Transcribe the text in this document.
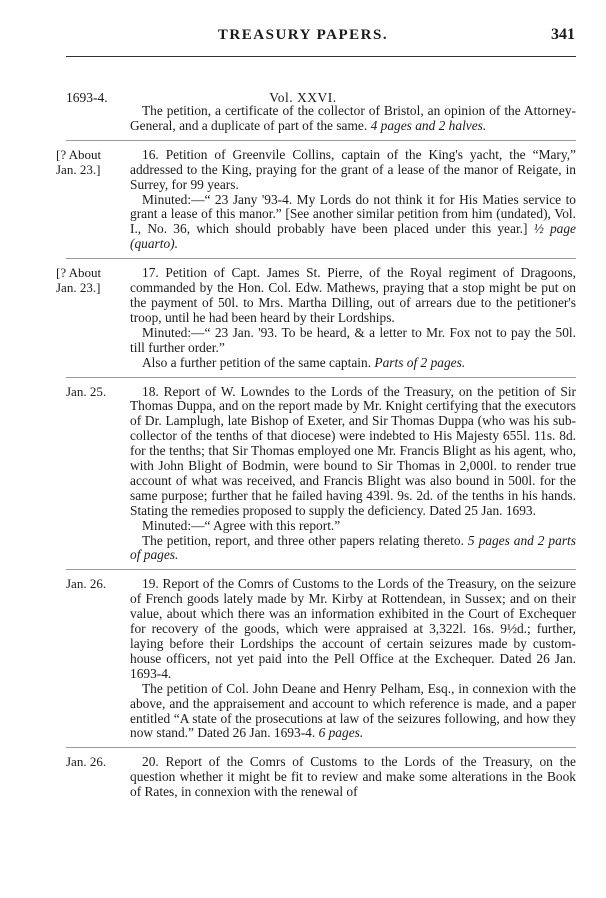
TREASURY PAPERS.	341
1693-4.	Vol. XXVI.

The petition, a certificate of the collector of Bristol, an opinion of the Attorney-General, and a duplicate of part of the same. 4 pages and 2 halves.

[? About
Jan. 23.]

16. Petition of Greenvile Collins, captain of the King's yacht, the “Mary,” addressed to the King, praying for the grant of a lease of the manor of Reigate, in Surrey, for 99 years.

Minuted:—“ 23 Jany '93-4. My Lords do not think it for His Maties service to grant a lease of this manor.” [See another similar petition from him (undated), Vol. I., No. 36, which should probably have been placed under this year.] ½ page (quarto).

[? About
Jan. 23.]

17. Petition of Capt. James St. Pierre, of the Royal regiment of Dragoons, commanded by the Hon. Col. Edw. Mathews, praying that a stop might be put on the payment of 50l. to Mrs. Martha Dilling, out of arrears due to the petitioner's troop, until he had been heard by their Lordships.

Minuted:—“ 23 Jan. '93. To be heard, & a letter to Mr. Fox not to pay the 50l. till further order.”

Also a further petition of the same captain. Parts of 2 pages.

Jan. 25.	18. Report of W. Lowndes to the Lords of the Treasury, on the petition of Sir Thomas Duppa, and on the report made by Mr. Knight certifying that the executors of Dr. Lamplugh, late Bishop of Exeter, and Sir Thomas Duppa (who was his sub-collector of the tenths of that diocese) were indebted to His Majesty 655l. 11s. 8d. for the tenths; that Sir Thomas employed one Mr. Francis Blight as his agent, who, with John Blight of Bodmin, were bound to Sir Thomas in 2,000l. to render true account of what was received, and Francis Blight was also bound in 500l. for the same purpose; further that he failed having 439l. 9s. 2d. of the tenths in his hands. Stating the remedies proposed to supply the deficiency. Dated 25 Jan. 1693.

Minuted:—“ Agree with this report.”

The petition, report, and three other papers relating thereto. 5 pages and 2 parts of pages.

Jan. 26.	19. Report of the Comrs of Customs to the Lords of the Treasury, on the seizure of French goods lately made by Mr. Kirby at Rottendean, in Sussex; and on their value, about which there was an information exhibited in the Court of Exchequer for recovery of the goods, which were appraised at 3,322l. 16s. 9½d.; further, laying before their Lordships the account of certain seizures made by custom-house officers, not yet paid into the Pell Office at the Exchequer. Dated 26 Jan. 1693-4.

The petition of Col. John Deane and Henry Pelham, Esq., in connexion with the above, and the appraisement and account to which reference is made, and a paper entitled “A state of the prosecutions at law of the seizures following, and how they now stand.” Dated 26 Jan. 1693-4. 6 pages.

Jan. 26.	20. Report of the Comrs of Customs to the Lords of the Treasury, on the question whether it might be fit to review and make some alterations in the Book of Rates, in connexion with the renewal of
